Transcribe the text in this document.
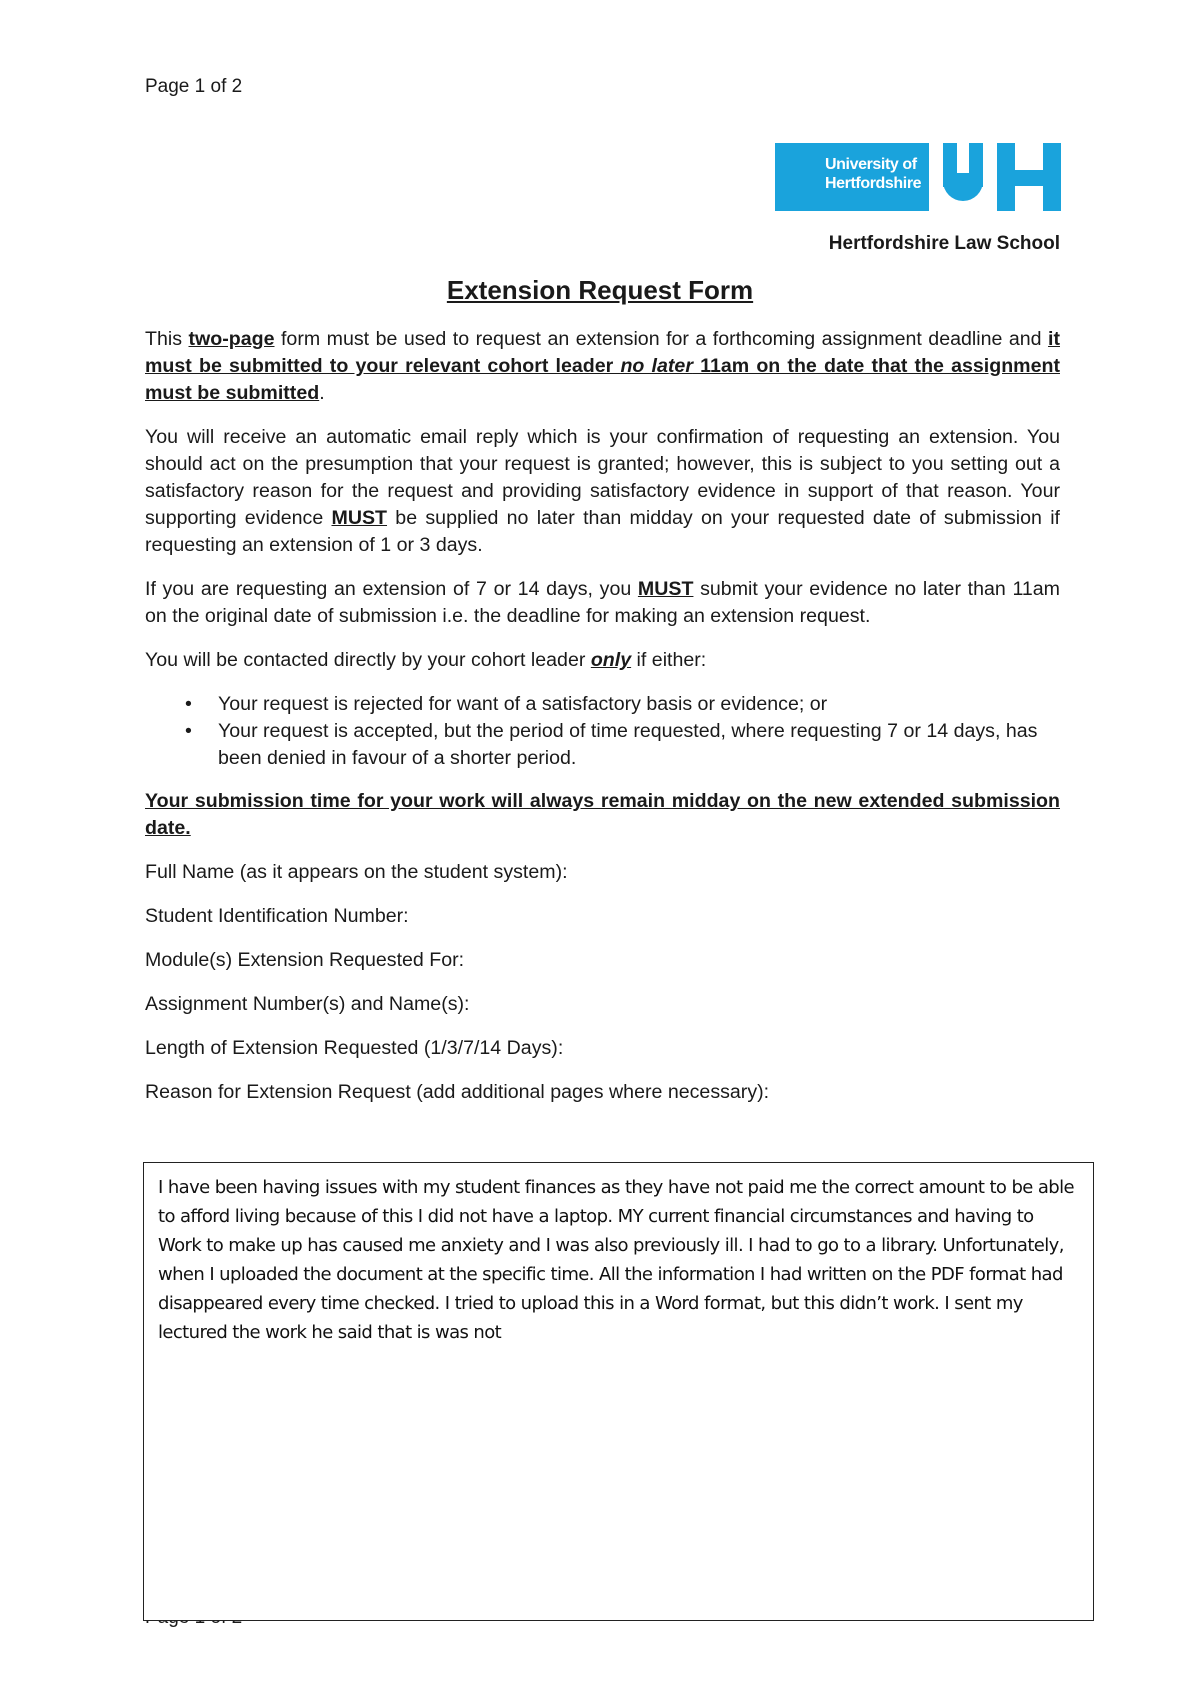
Page 1 of 2
University of
Hertfordshire
Hertfordshire Law School
Extension Request Form

This two-page form must be used to request an extension for a forthcoming assignment deadline and it must be submitted to your relevant cohort leader no later 11am on the date that the assignment must be submitted.

You will receive an automatic email reply which is your confirmation of requesting an extension. You should act on the presumption that your request is granted; however, this is subject to you setting out a satisfactory reason for the request and providing satisfactory evidence in support of that reason. Your supporting evidence MUST be supplied no later than midday on your requested date of submission if requesting an extension of 1 or 3 days.

If you are requesting an extension of 7 or 14 days, you MUST submit your evidence no later than 11am on the original date of submission i.e. the deadline for making an extension request.

You will be contacted directly by your cohort leader only if either:

• Your request is rejected for want of a satisfactory basis or evidence; or
• Your request is accepted, but the period of time requested, where requesting 7 or 14 days, has been denied in favour of a shorter period.

Your submission time for your work will always remain midday on the new extended submission date.

Full Name (as it appears on the student system):
Student Identification Number:
Module(s) Extension Requested For:
Assignment Number(s) and Name(s):
Length of Extension Requested (1/3/7/14 Days):
Reason for Extension Request (add additional pages where necessary):
I have been having issues with my student finances as they have not paid me the correct amount to be able to afford living because of this I did not have a laptop. MY current financial circumstances and having to Work to make up has caused me anxiety and I was also previously ill. I had to go to a library. Unfortunately, when I uploaded the document at the specific time. All the information I had written on the PDF format had disappeared every time checked. I tried to upload this in a Word format, but this didn’t work. I sent my lectured the work he said that is was not
